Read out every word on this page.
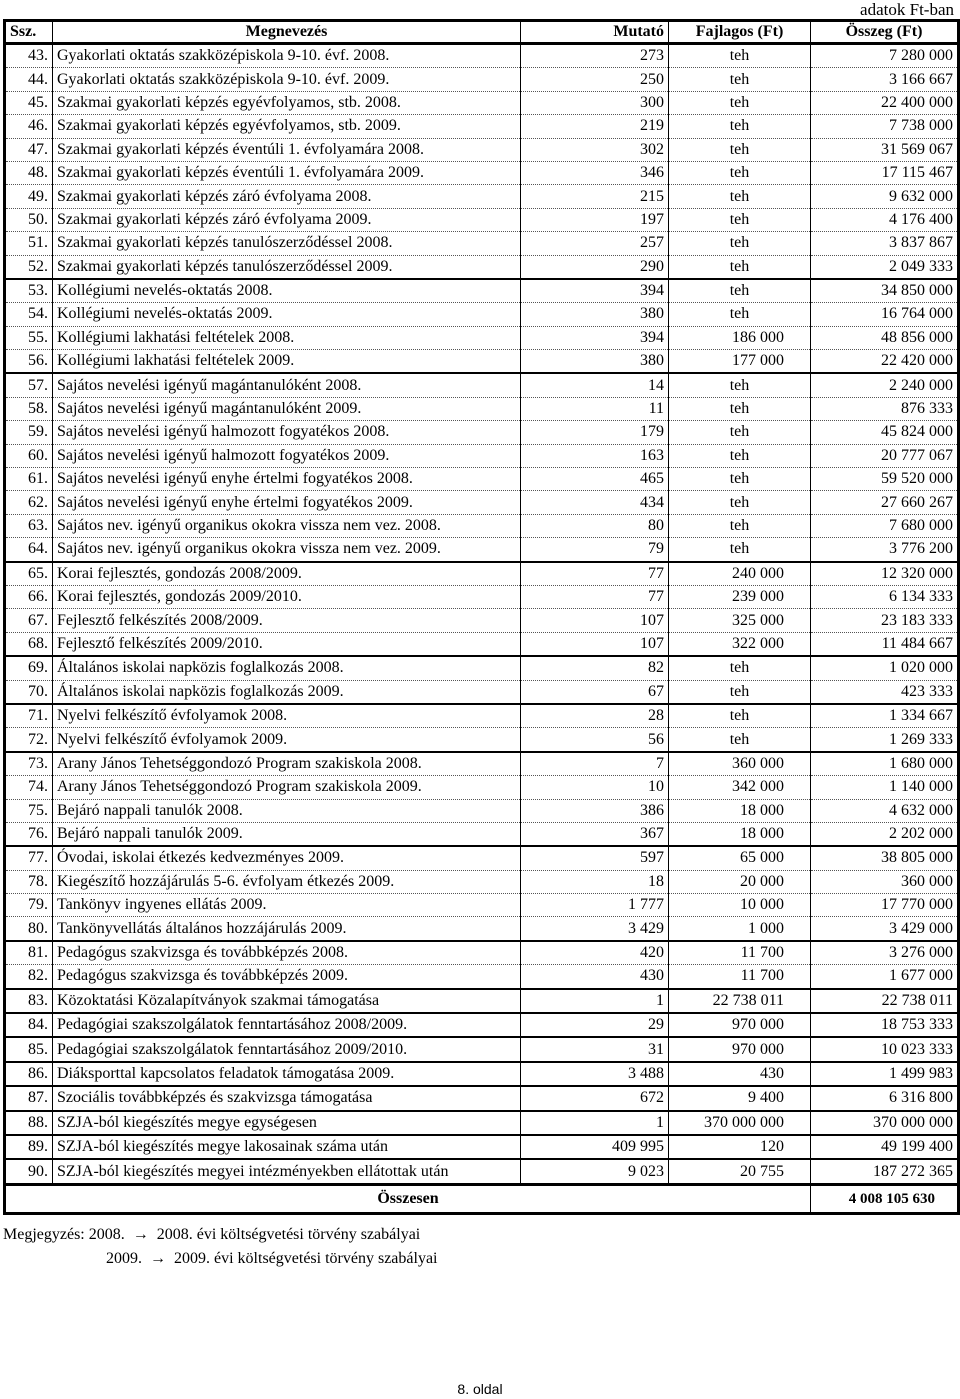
adatok Ft-ban
Ssz.	Megnevezés	Mutató	Fajlagos (Ft)	Összeg (Ft)
43.	Gyakorlati oktatás szakközépiskola 9-10. évf. 2008.	273	teh	7 280 000
44.	Gyakorlati oktatás szakközépiskola 9-10. évf. 2009.	250	teh	3 166 667
45.	Szakmai gyakorlati képzés egyévfolyamos, stb. 2008.	300	teh	22 400 000
46.	Szakmai gyakorlati képzés egyévfolyamos, stb. 2009.	219	teh	7 738 000
47.	Szakmai gyakorlati képzés éventúli 1. évfolyamára 2008.	302	teh	31 569 067
48.	Szakmai gyakorlati képzés éventúli 1. évfolyamára 2009.	346	teh	17 115 467
49.	Szakmai gyakorlati képzés záró évfolyama 2008.	215	teh	9 632 000
50.	Szakmai gyakorlati képzés záró évfolyama 2009.	197	teh	4 176 400
51.	Szakmai gyakorlati képzés tanulószerződéssel 2008.	257	teh	3 837 867
52.	Szakmai gyakorlati képzés tanulószerződéssel 2009.	290	teh	2 049 333
53.	Kollégiumi nevelés-oktatás 2008.	394	teh	34 850 000
54.	Kollégiumi nevelés-oktatás 2009.	380	teh	16 764 000
55.	Kollégiumi lakhatási feltételek 2008.	394	186 000	48 856 000
56.	Kollégiumi lakhatási feltételek 2009.	380	177 000	22 420 000
57.	Sajátos nevelési igényű magántanulóként 2008.	14	teh	2 240 000
58.	Sajátos nevelési igényű magántanulóként 2009.	11	teh	876 333
59.	Sajátos nevelési igényű halmozott fogyatékos 2008.	179	teh	45 824 000
60.	Sajátos nevelési igényű halmozott fogyatékos 2009.	163	teh	20 777 067
61.	Sajátos nevelési igényű enyhe értelmi fogyatékos 2008.	465	teh	59 520 000
62.	Sajátos nevelési igényű enyhe értelmi fogyatékos 2009.	434	teh	27 660 267
63.	Sajátos nev. igényű organikus okokra vissza nem vez. 2008.	80	teh	7 680 000
64.	Sajátos nev. igényű organikus okokra vissza nem vez. 2009.	79	teh	3 776 200
65.	Korai fejlesztés, gondozás 2008/2009.	77	240 000	12 320 000
66.	Korai fejlesztés, gondozás 2009/2010.	77	239 000	6 134 333
67.	Fejlesztő felkészítés 2008/2009.	107	325 000	23 183 333
68.	Fejlesztő felkészítés 2009/2010.	107	322 000	11 484 667
69.	Általános iskolai napközis foglalkozás 2008.	82	teh	1 020 000
70.	Általános iskolai napközis foglalkozás 2009.	67	teh	423 333
71.	Nyelvi felkészítő évfolyamok 2008.	28	teh	1 334 667
72.	Nyelvi felkészítő évfolyamok 2009.	56	teh	1 269 333
73.	Arany János Tehetséggondozó Program szakiskola 2008.	7	360 000	1 680 000
74.	Arany János Tehetséggondozó Program szakiskola 2009.	10	342 000	1 140 000
75.	Bejáró nappali tanulók 2008.	386	18 000	4 632 000
76.	Bejáró nappali tanulók 2009.	367	18 000	2 202 000
77.	Óvodai, iskolai étkezés kedvezményes 2009.	597	65 000	38 805 000
78.	Kiegészítő hozzájárulás 5-6. évfolyam étkezés 2009.	18	20 000	360 000
79.	Tankönyv ingyenes ellátás 2009.	1 777	10 000	17 770 000
80.	Tankönyvellátás általános hozzájárulás 2009.	3 429	1 000	3 429 000
81.	Pedagógus szakvizsga és továbbképzés 2008.	420	11 700	3 276 000
82.	Pedagógus szakvizsga és továbbképzés 2009.	430	11 700	1 677 000
83.	Közoktatási Közalapítványok szakmai támogatása	1	22 738 011	22 738 011
84.	Pedagógiai szakszolgálatok fenntartásához 2008/2009.	29	970 000	18 753 333
85.	Pedagógiai szakszolgálatok fenntartásához 2009/2010.	31	970 000	10 023 333
86.	Diáksporttal kapcsolatos feladatok támogatása 2009.	3 488	430	1 499 983
87.	Szociális továbbképzés és szakvizsga támogatása	672	9 400	6 316 800
88.	SZJA-ból kiegészítés megye egységesen	1	370 000 000	370 000 000
89.	SZJA-ból kiegészítés megye lakosainak száma után	409 995	120	49 199 400
90.	SZJA-ból kiegészítés megyei intézményekben ellátottak után	9 023	20 755	187 272 365
Összesen				4 008 105 630
Megjegyzés: 2008. → 2008. évi költségvetési törvény szabályai
2009. → 2009. évi költségvetési törvény szabályai
8. oldal
